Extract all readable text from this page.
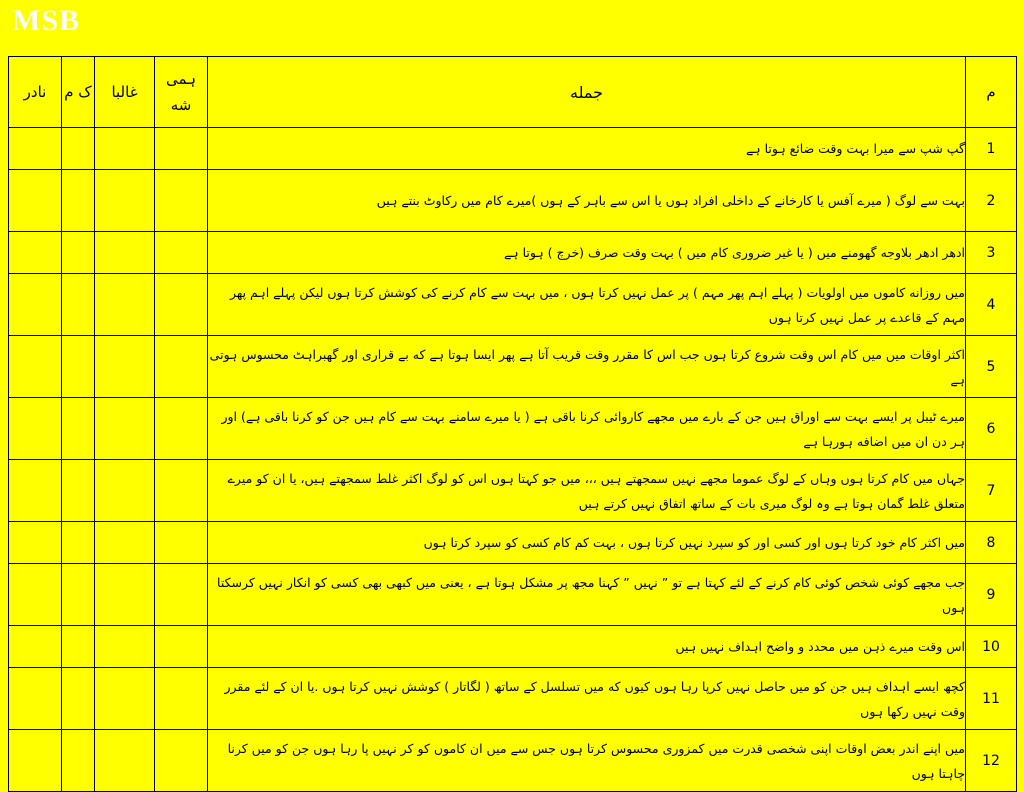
MSB
م	جمله	ہمی شه	غالبا	ک م	نادر
1	گپ شپ سے میرا بہت وقت ضائع ہوتا ہے				
2	بہت سے لوگ ( میرے آفس یا کارخانے کے داخلی افراد ہوں یا اس سے باہر کے ہوں )میرے کام میں رکاوٹ بنتے ہیں				
3	ادھر ادھر بلاوجه گھومنے میں ( یا غیر ضروری کام میں ) بہت وقت صرف (خرچ ) ہوتا ہے				
4	میں روزانه کاموں میں اولویات ( پہلے اہم پھر مہم ) پر عمل نہیں کرتا ہوں ، میں بہت سے کام کرنے کی کوشش کرتا ہوں لیکن پہلے اہم پھر مہم کے قاعدے پر عمل نہیں کرتا ہوں				
5	اکثر اوقات میں میں کام اس وقت شروع کرتا ہوں جب اس کا مقرر وقت قریب آتا ہے پھر ایسا ہوتا ہے که بے قراری اور گھبراہٹ محسوس ہوتی ہے				
6	میرے ٹیبل پر ایسے بہت سے اوراق ہیں جن کے بارے میں مجھے کاروائی کرنا باقی ہے ( یا میرے سامنے بہت سے کام ہیں جن کو کرنا باقی ہے) اور ہر دن ان میں اضافه ہورہا ہے				
7	جہاں میں کام کرتا ہوں وہاں کے لوگ عموما مجھے نہیں سمجھتے ہیں ،،، میں جو کہتا ہوں اس کو لوگ اکثر غلط سمجھتے ہیں، یا ان کو میرے متعلق غلط گمان ہوتا ہے وہ لوگ میری بات کے ساتھ اتفاق نہیں کرتے ہیں				
8	میں اکثر کام خود کرتا ہوں اور کسی اور کو سپرد نہیں کرتا ہوں ، بہت کم کام کسی کو سپرد کرتا ہوں				
9	جب مجھے کوئی شخص کوئی کام کرنے کے لئے کہتا ہے تو ” نہیں ” کہنا مجھ پر مشکل ہوتا ہے ، یعنی میں کبھی بھی کسی کو انکار نہیں کرسکتا ہوں				
10	اس وقت میرے ذہن میں محدد و واضح اہداف نہیں ہیں				
11	کچھ ایسے اہداف ہیں جن کو میں حاصل نہیں کرپا رہا ہوں کیوں که میں تسلسل کے ساتھ ( لگاتار ) کوشش نہیں کرتا ہوں .یا ان کے لئے مقرر وقت نہیں رکھا ہوں				
12	میں اپنے اندر بعض اوقات اپنی شخصی قدرت میں کمزوری محسوس کرتا ہوں جس سے میں ان کاموں کو کر نہیں پا رہا ہوں جن کو میں کرنا چاہتا ہوں				
